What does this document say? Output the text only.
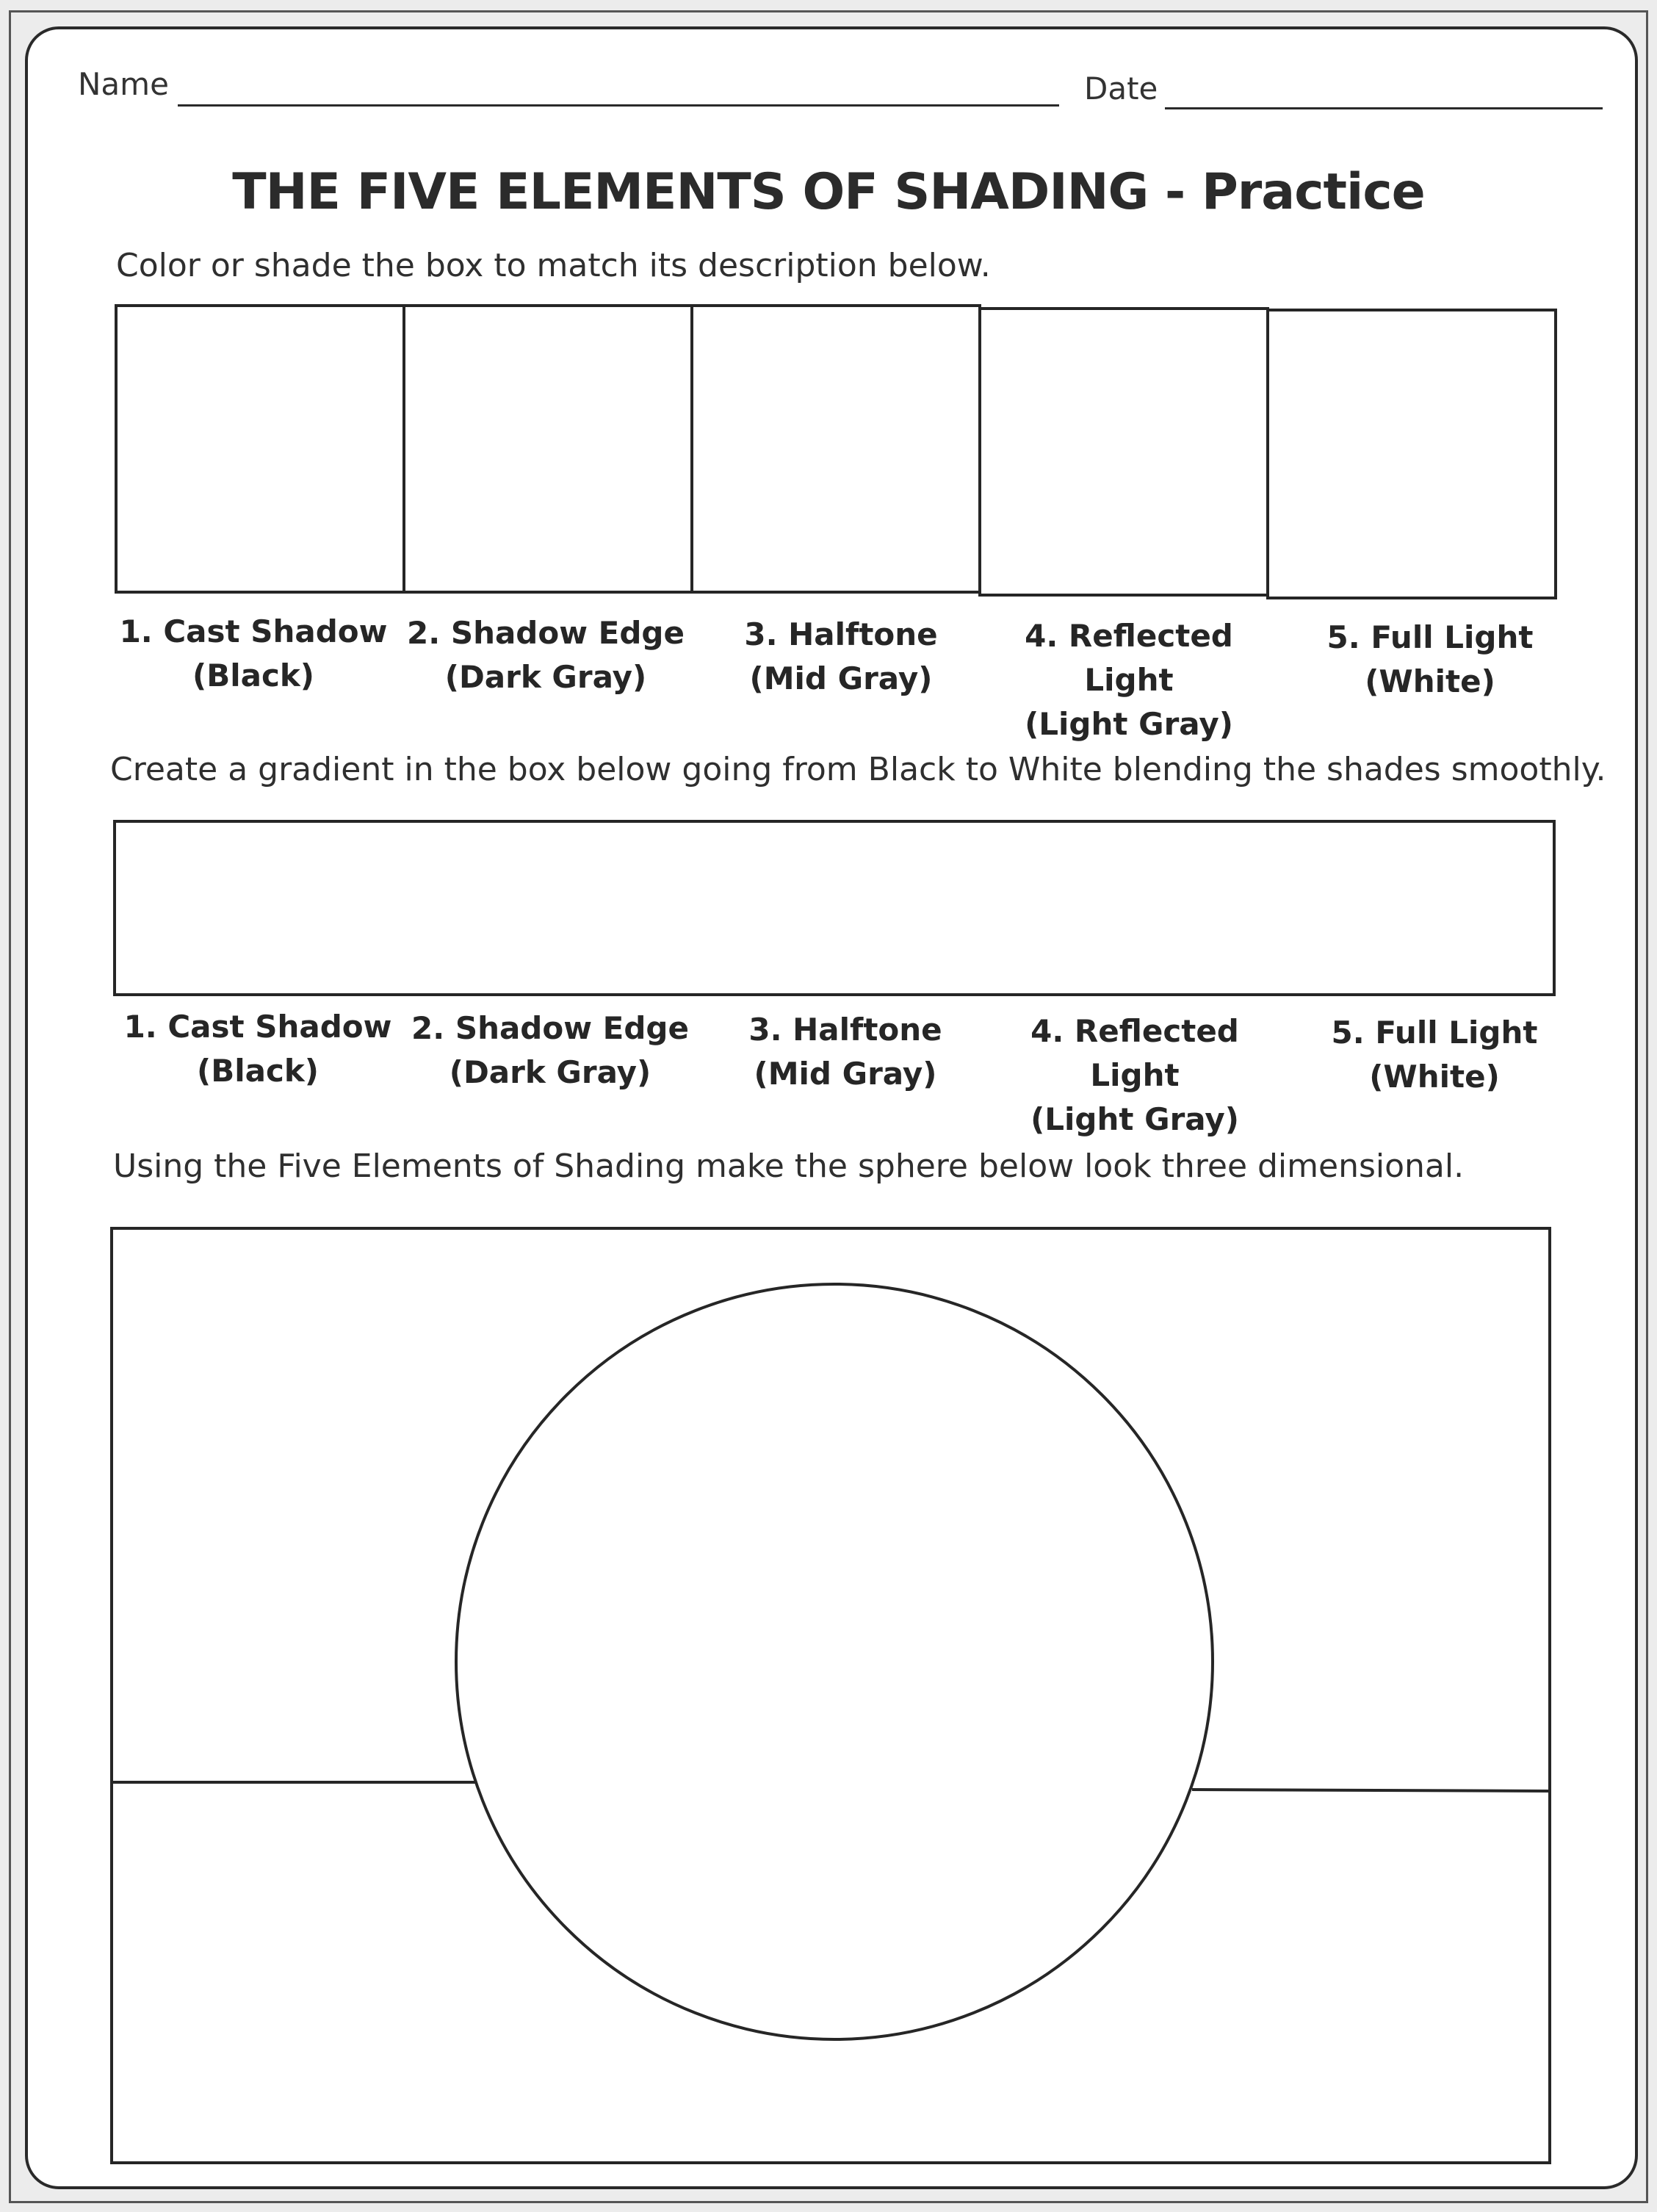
Name	Date
THE FIVE ELEMENTS OF SHADING - Practice
Color or shade the box to match its description below.
1. Cast Shadow
(Black)
2. Shadow Edge
(Dark Gray)
3. Halftone
(Mid Gray)
4. Reflected Light
(Light Gray)
5. Full Light
(White)
Create a gradient in the box below going from Black to White blending the shades smoothly.
1. Cast Shadow
(Black)
2. Shadow Edge
(Dark Gray)
3. Halftone
(Mid Gray)
4. Reflected Light
(Light Gray)
5. Full Light
(White)
Using the Five Elements of Shading make the sphere below look three dimensional.
